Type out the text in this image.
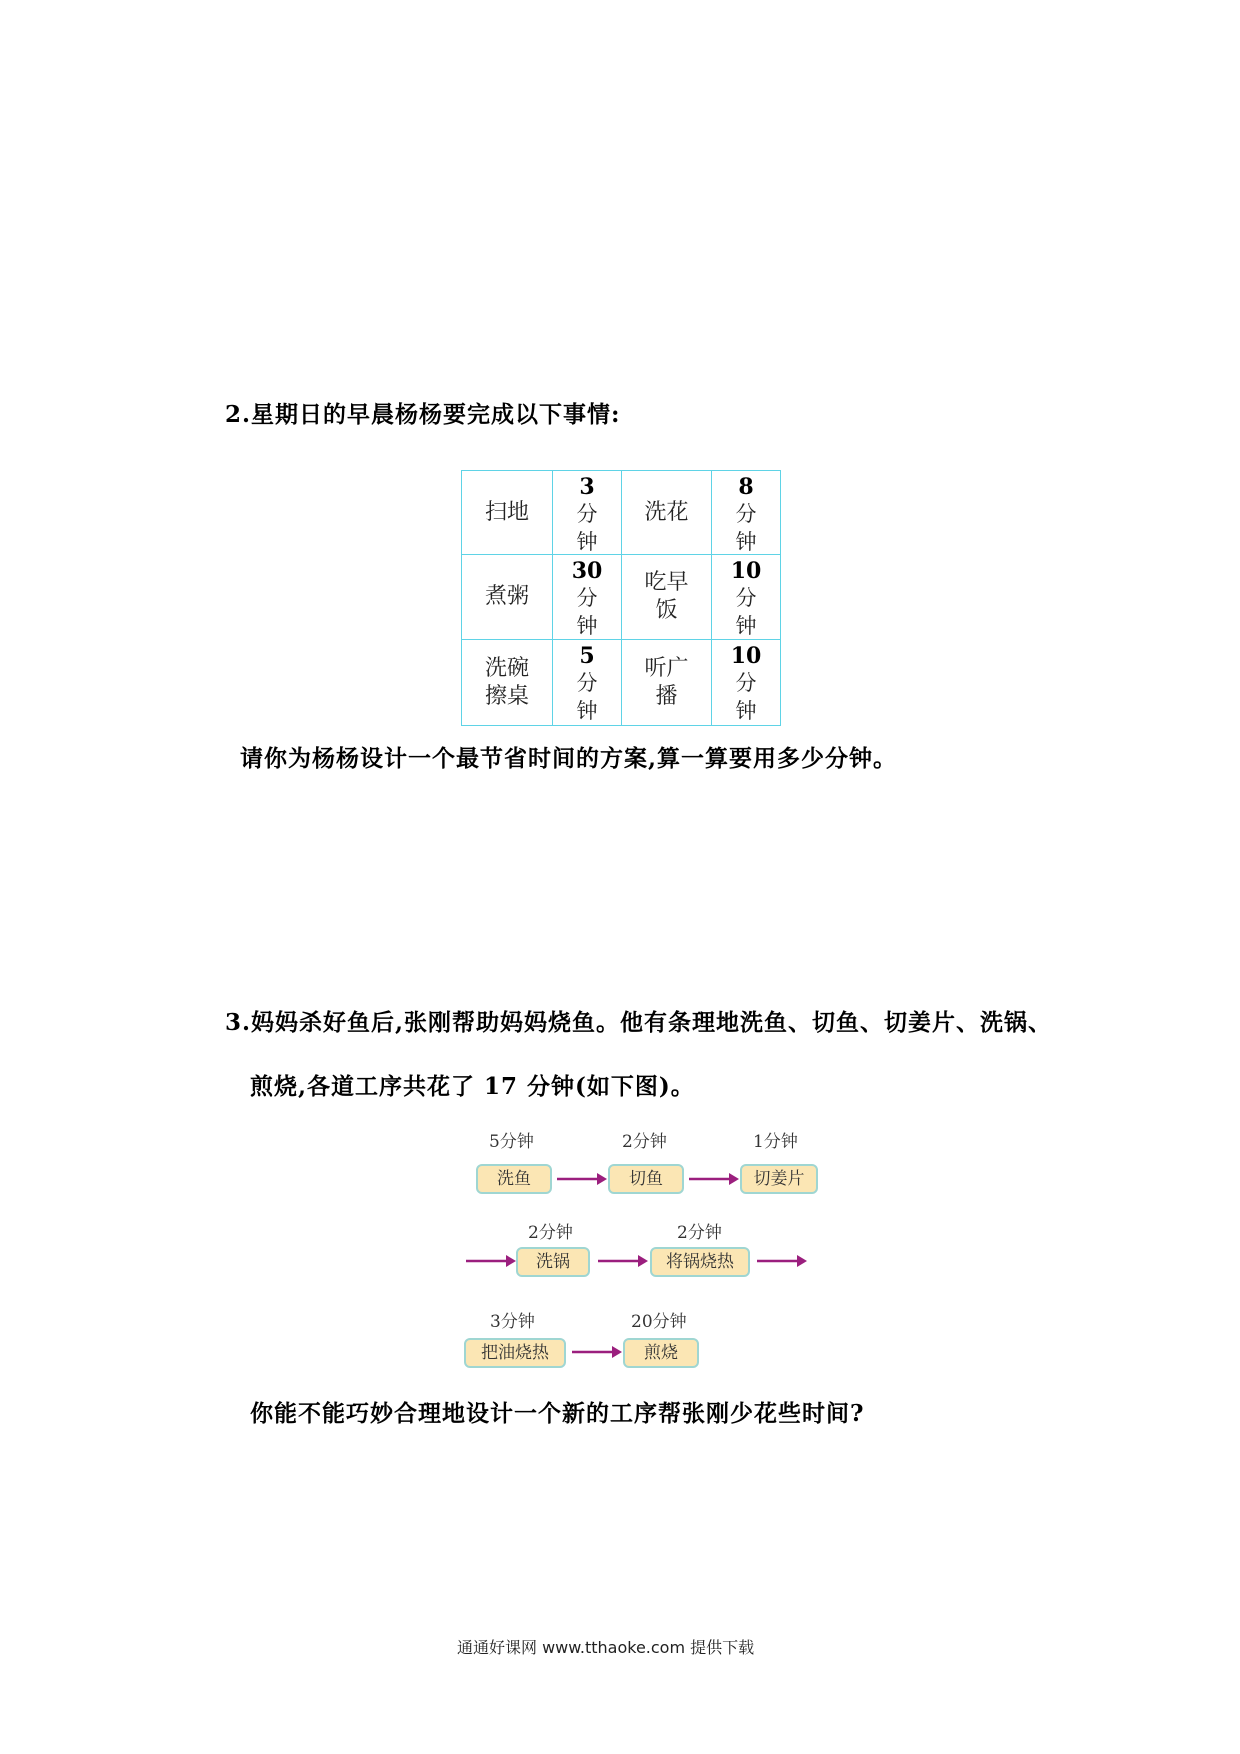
2.星期日的早晨杨杨要完成以下事情:
扫地
3
分
钟
洗花
8
分
钟
煮粥
30
分
钟
吃早
饭
10
分
钟
洗碗
擦桌
5
分
钟
听广
播
10
分
钟
请你为杨杨设计一个最节省时间的方案,算一算要用多少分钟。
3.妈妈杀好鱼后,张刚帮助妈妈烧鱼。他有条理地洗鱼、切鱼、切姜片、洗锅、
煎烧,各道工序共花了 17 分钟(如下图)。
5分钟
洗鱼
2分钟
切鱼
1分钟
切姜片
2分钟
洗锅
2分钟
将锅烧热
3分钟
把油烧热
20分钟
煎烧
你能不能巧妙合理地设计一个新的工序帮张刚少花些时间?
通通好课网 www.tthaoke.com 提供下载
